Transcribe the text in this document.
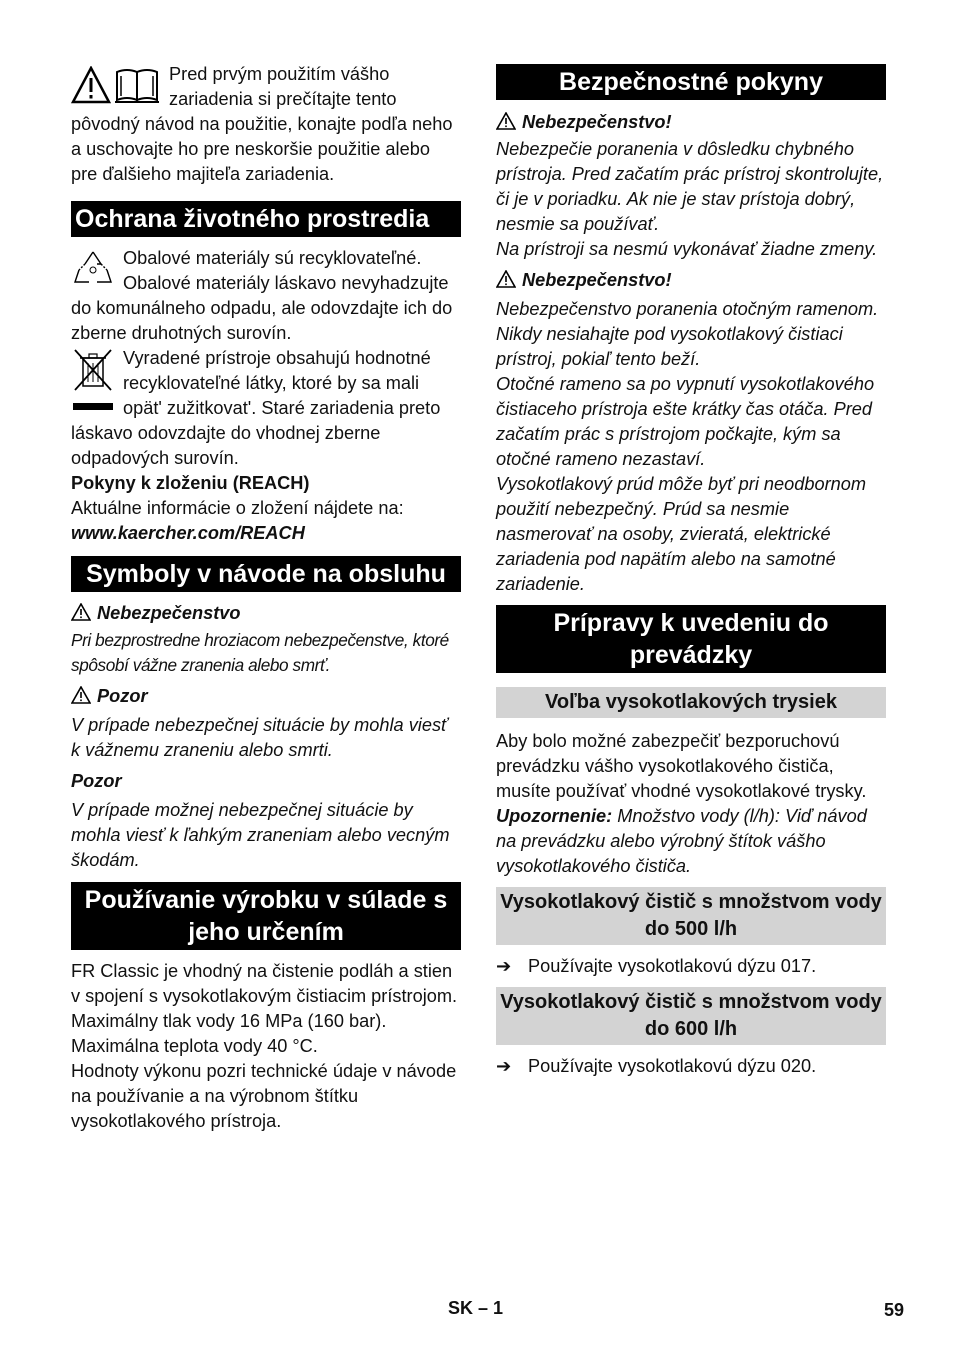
Pred prvým použitím vášho zariadenia si prečítajte tento pôvodný návod na použitie, konajte podľa neho a uschovajte ho pre neskoršie použitie alebo pre ďalšieho majiteľa zariadenia.

Ochrana životného prostredia

Obalové materiály sú recyklovateľné. Obalové materiály láskavo nevyhadzujte do komunálneho odpadu, ale odovzdajte ich do zberne druhotných surovín.

Vyradené prístroje obsahujú hodnotné recyklovateľné látky, ktoré by sa mali opät' zužitkovat'. Staré zariadenia preto láskavo odovzdajte do vhodnej zberne odpadových surovín.

Pokyny k zloženiu (REACH)

Aktuálne informácie o zložení nájdete na:

www.kaercher.com/REACH

Symboly v návode na obsluhu

Nebezpečenstvo

Pri bezprostredne hroziacom nebezpečenstve, ktoré spôsobí vážne zranenia alebo smrť.

Pozor

V prípade nebezpečnej situácie by mohla viesť k vážnemu zraneniu alebo smrti.

Pozor

V prípade možnej nebezpečnej situácie by mohla viesť k ľahkým zraneniam alebo vecným škodám.

Používanie výrobku v súlade s jeho určením

FR Classic je vhodný na čistenie podláh a stien v spojení s vysokotlakovým čistiacim prístrojom.

Maximálny tlak vody 16 MPa (160 bar).

Maximálna teplota vody 40 °C.

Hodnoty výkonu pozri technické údaje v návode na používanie a na výrobnom štítku vysokotlakového prístroja.

Bezpečnostné pokyny

Nebezpečenstvo!

Nebezpečie poranenia v dôsledku chybného prístroja. Pred začatím prác prístroj skontrolujte, či je v poriadku. Ak nie je stav prístoja dobrý, nesmie sa používať.

Na prístroji sa nesmú vykonávať žiadne zmeny.

Nebezpečenstvo!

Nebezpečenstvo poranenia otočným ramenom. Nikdy nesiahajte pod vysokotlakový čistiaci prístroj, pokiaľ tento beží.

Otočné rameno sa po vypnutí vysokotlakového čistiaceho prístroja ešte krátky čas otáča. Pred začatím prác s prístrojom počkajte, kým sa otočné rameno nezastaví.

Vysokotlakový prúd môže byť pri neodbornom použití nebezpečný. Prúd sa nesmie nasmerovať na osoby, zvieratá, elektrické zariadenia pod napätím alebo na samotné zariadenie.

Prípravy k uvedeniu do prevádzky
Voľba vysokotlakových trysiek

Aby bolo možné zabezpečiť bezporuchovú prevádzku vášho vysokotlakového čističa, musíte používať vhodné vysokotlakové trysky.

Upozornenie: Množstvo vody (l/h): Viď návod na prevádzku alebo výrobný štítok vášho vysokotlakového čističa.

Vysokotlakový čistič s množstvom vody do 500 l/h

➔ Používajte vysokotlakovú dýzu 017.

Vysokotlakový čistič s množstvom vody do 600 l/h

➔ Používajte vysokotlakovú dýzu 020.

SK – 1	59
